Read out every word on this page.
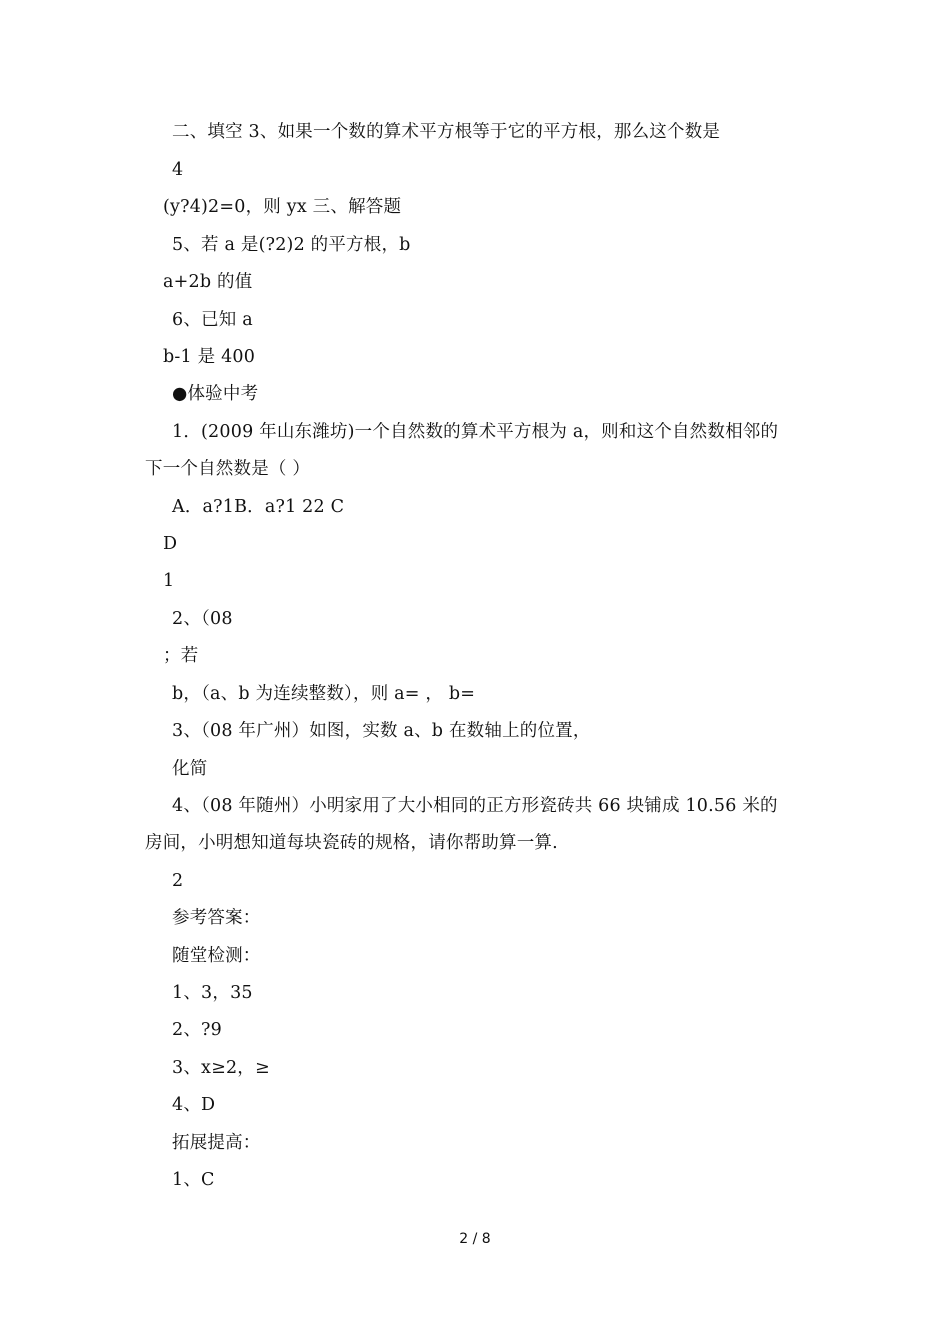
二、填空 3、如果一个数的算术平方根等于它的平方根，那么这个数是
4
(y?4)2=0，则 yx 三、解答题
5、若 a 是(?2)2 的平方根，b
a+2b 的值
6、已知 a
b-1 是 400
●体验中考
1．(2009 年山东潍坊)一个自然数的算术平方根为 a，则和这个自然数相邻的
下一个自然数是（ ）
A．a?1B．a?1 22 C
D
1
2、（08
；若
b，（a、b 为连续整数），则 a= ， b=
3、（08 年广州）如图，实数 a、b 在数轴上的位置，
化简
4、（08 年随州）小明家用了大小相同的正方形瓷砖共 66 块铺成 10.56 米的
房间，小明想知道每块瓷砖的规格，请你帮助算一算.
2
参考答案：
随堂检测：
1、3，35
2、?9
3、x≥2，≥
4、D
拓展提高：
1、C
2 / 8
